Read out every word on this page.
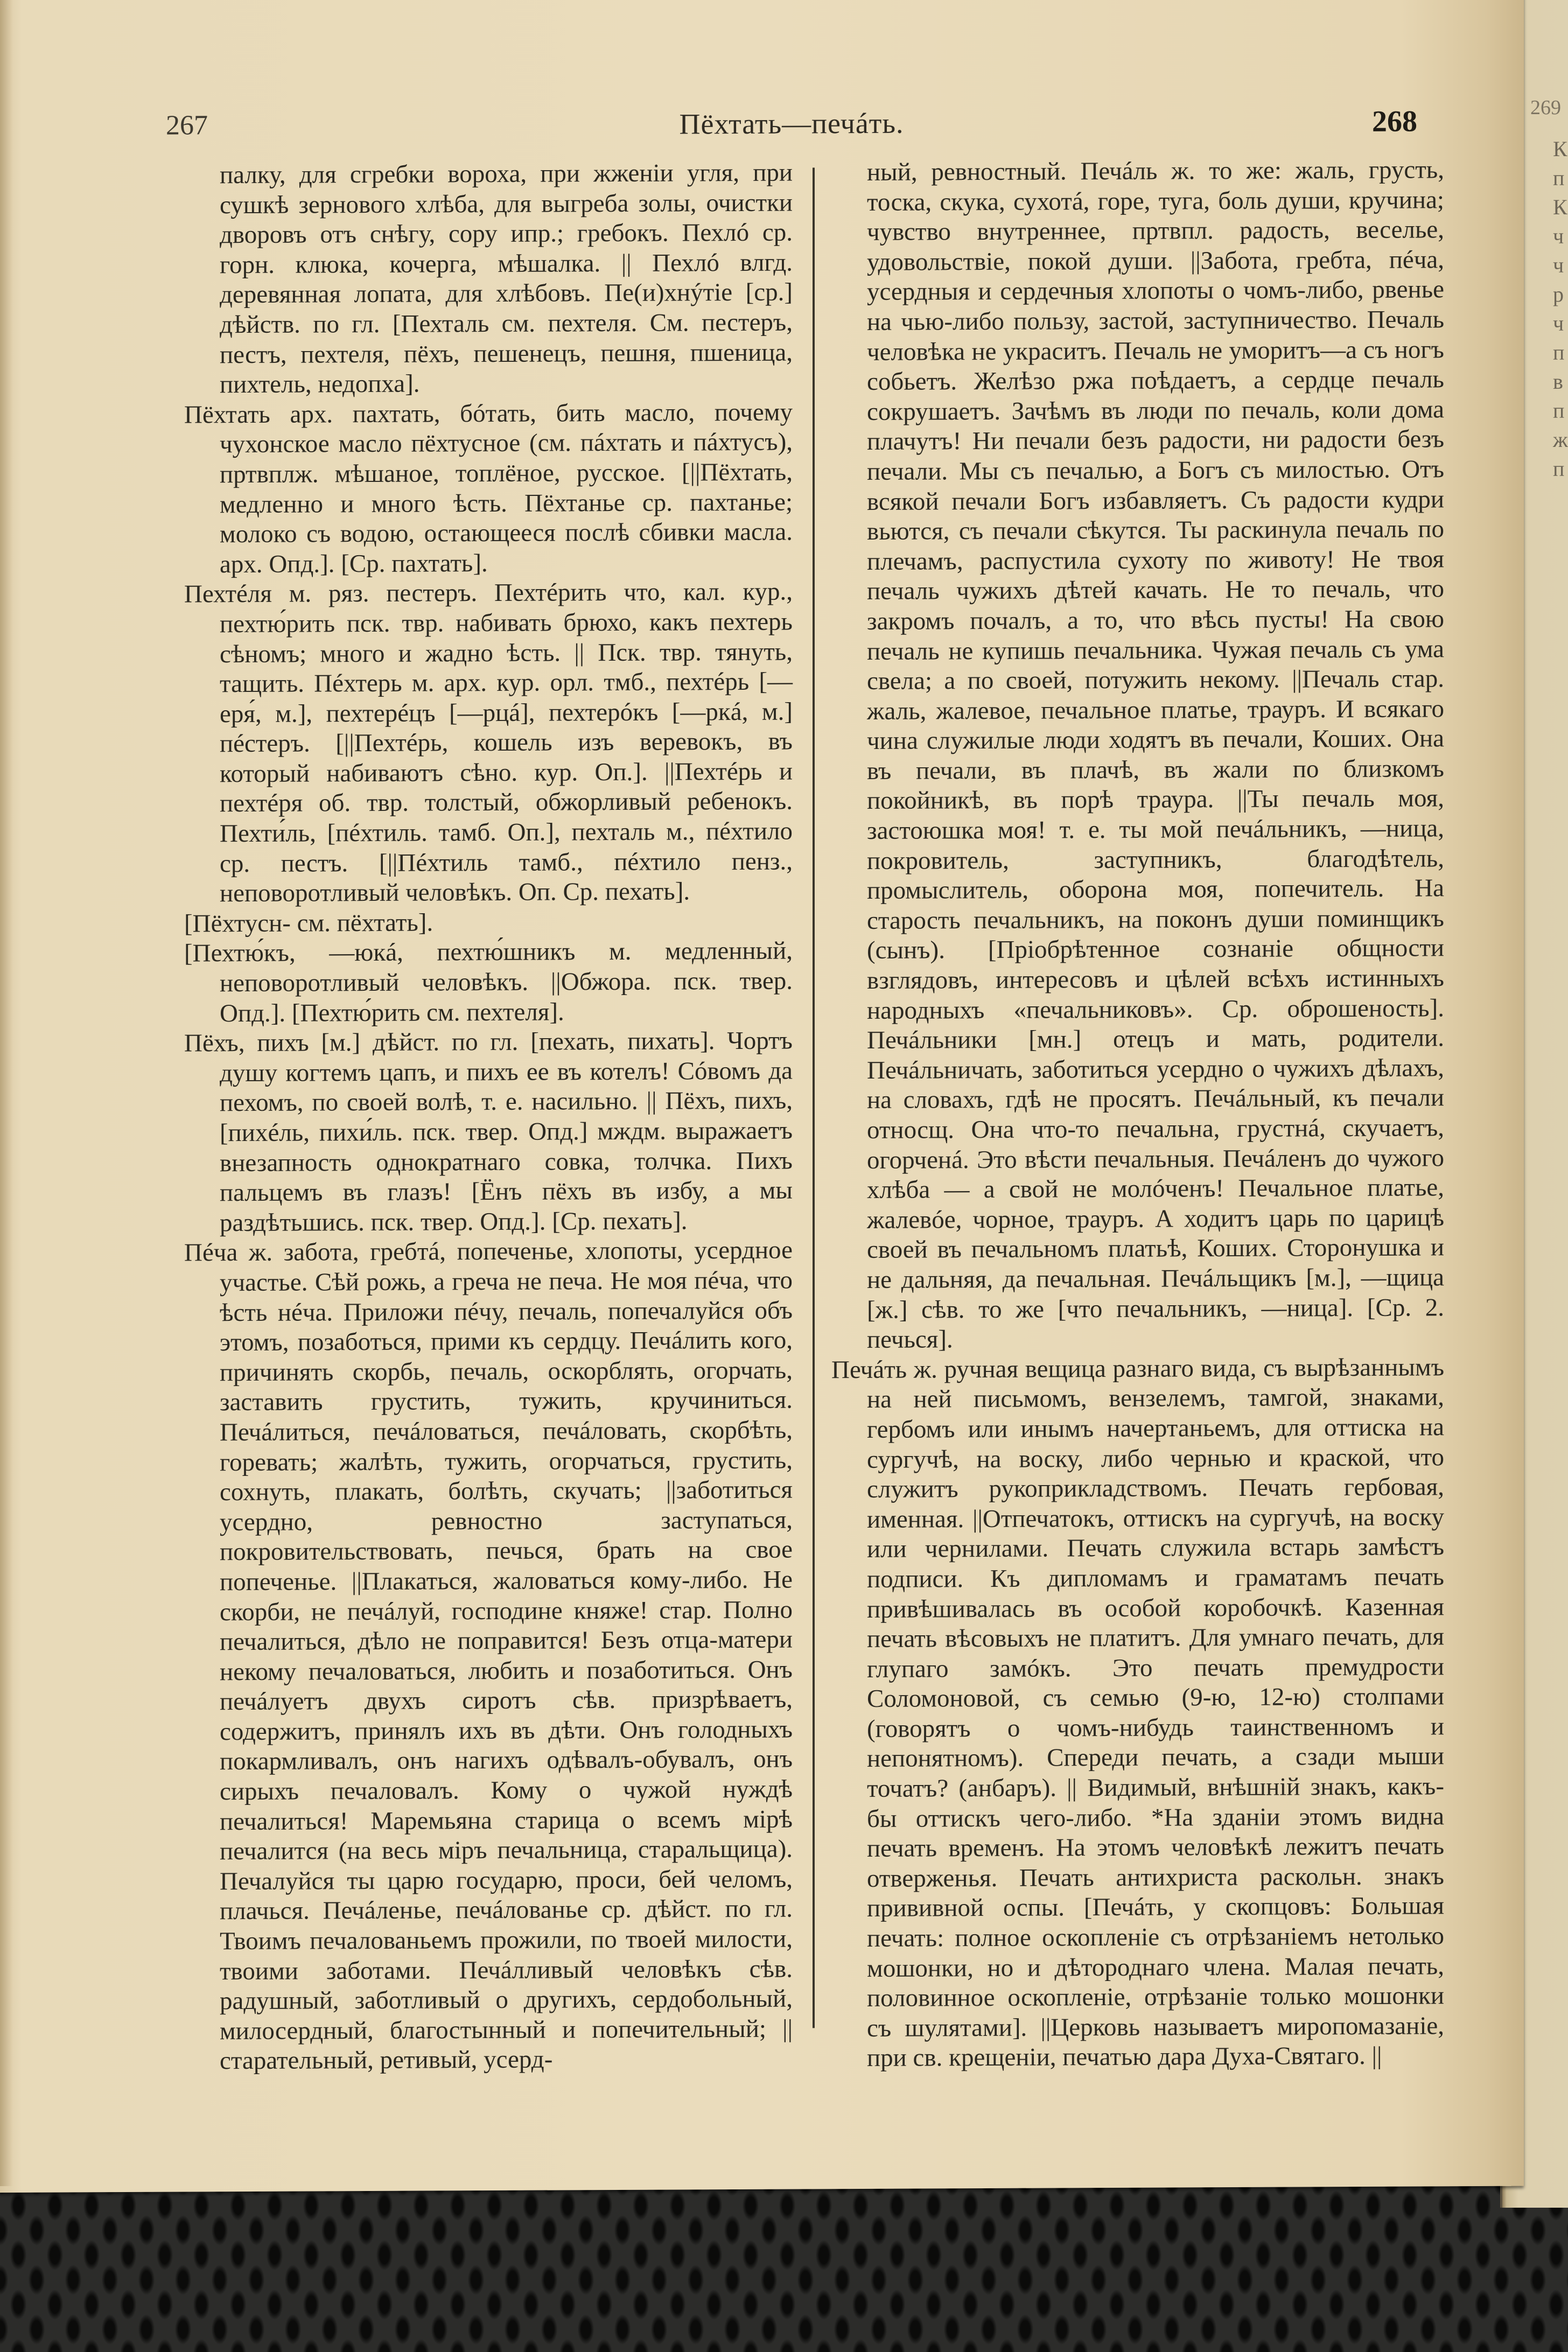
269
К
п
К
ч
ч
р
ч
п
в
п
ж
п
267	Пёхтать—печáть.	268

палку, для сгребки вороха, при жженіи угля, при сушкѣ зернового хлѣба, для выгреба золы, очистки дворовъ отъ снѣгу, сору ипр.; гребокъ. Пехлó ср. горн. клюка, кочерга, мѣшалка. || Пехлó влгд. деревянная лопата, для хлѣбовъ. Пе(и)хнýтіе [ср.] дѣйств. по гл. [Пехталь см. пехтеля. См. пестеръ, пестъ, пехтеля, пёхъ, пешенецъ, пешня, пшеница, пихтель, недопха].

Пёхтать арх. пахтать, бóтать, бить масло, почему чухонское масло пёхтусное (см. пáхтать и пáхтусъ), пртвплж. мѣшаное, топлёное, русское. [||Пёхтать, медленно и много ѣсть. Пёхтанье ср. пахтанье; молоко съ водою, остающееся послѣ сбивки масла. арх. Опд.]. [Ср. пахтать].

Пехтéля м. ряз. пестеръ. Пехтéрить что, кал. кур., пехтю́рить пск. твр. набивать брюхо, какъ пехтерь сѣномъ; много и жадно ѣсть. || Пск. твр. тянуть, тащить. Пéхтерь м. арх. кур. орл. тмб., пехтéрь [—еря́, м.], пехтерéцъ [—рцá], пехтерóкъ [—ркá, м.] пéстеръ. [||Пехтéрь, кошель изъ веревокъ, въ который набиваютъ сѣно. кур. Оп.]. ||Пехтéрь и пехтéря об. твр. толстый, обжорливый ребенокъ. Пехти́ль, [пéхтиль. тамб. Оп.], пехталь м., пéхтило ср. пестъ. [||Пéхтиль тамб., пéхтило пенз., неповоротливый человѣкъ. Оп. Ср. пехать].

[Пёхтусн- см. пёхтать].

[Пехтю́къ, —юкá, пехтю́шникъ м. медленный, неповоротливый человѣкъ. ||Обжора. пск. твер. Опд.]. [Пехтю́рить см. пехтеля].

Пёхъ, пихъ [м.] дѣйст. по гл. [пехать, пихать]. Чортъ душу когтемъ цапъ, и пихъ ее въ котелъ! Сóвомъ да пехомъ, по своей волѣ, т. е. насильно. || Пёхъ, пихъ, [пихéль, пихи́ль. пск. твер. Опд.] мждм. выражаетъ внезапность однократнаго совка, толчка. Пихъ пальцемъ въ глазъ! [Ёнъ пёхъ въ избу, а мы раздѣтьшись. пск. твер. Опд.]. [Ср. пехать].

Пéча ж. забота, гребтá, попеченье, хлопоты, усердное участье. Сѣй рожь, а греча не печа. Не моя пéча, что ѣсть нéча. Приложи пéчу, печаль, попечалуйся объ этомъ, позаботься, прими къ сердцу. Печáлить кого, причинять скорбь, печаль, оскорблять, огорчать, заставить грустить, тужить, кручиниться. Печáлиться, печáловаться, печáловать, скорбѣть, горевать; жалѣть, тужить, огорчаться, грустить, сохнуть, плакать, болѣть, скучать; ||заботиться усердно, ревностно заступаться, покровительствовать, печься, брать на свое попеченье. ||Плакаться, жаловаться кому-либо. Не скорби, не печáлуй, господине княже! стар. Полно печалиться, дѣло не поправится! Безъ отца-матери некому печаловаться, любить и позаботиться. Онъ печáлуетъ двухъ сиротъ сѣв. призрѣваетъ, содержитъ, принялъ ихъ въ дѣти. Онъ голодныхъ покармливалъ, онъ нагихъ одѣвалъ-обувалъ, онъ сирыхъ печаловалъ. Кому о чужой нуждѣ печалиться! Маремьяна старица о всемъ мірѣ печалится (на весь міръ печальница, старальщица). Печалуйся ты царю государю, проси, бей челомъ, плачься. Печáленье, печáлованье ср. дѣйст. по гл. Твоимъ печалованьемъ прожили, по твоей милости, твоими заботами. Печáлливый человѣкъ сѣв. радушный, заботливый о другихъ, сердобольный, милосердный, благостынный и попечительный; ||старательный, ретивый, усерд-

ный, ревностный. Печáль ж. то же: жаль, грусть, тоска, скука, сухотá, горе, туга, боль души, кручина; чувство внутреннее, пртвпл. радость, веселье, удовольствіе, покой души. ||Забота, гребта, пéча, усердныя и сердечныя хлопоты о чомъ-либо, рвенье на чью-либо пользу, застой, заступничество. Печаль человѣка не украситъ. Печаль не уморитъ—а съ ногъ собьетъ. Желѣзо ржа поѣдаетъ, а сердце печаль сокрушаетъ. Зачѣмъ въ люди по печаль, коли дома плачутъ! Ни печали безъ радости, ни радости безъ печали. Мы съ печалью, а Богъ съ милостью. Отъ всякой печали Богъ избавляетъ. Съ радости кудри вьются, съ печали сѣкутся. Ты раскинула печаль по плечамъ, распустила сухоту по животу! Не твоя печаль чужихъ дѣтей качать. Не то печаль, что закромъ почалъ, а то, что вѣсь пусты! На свою печаль не купишь печальника. Чужая печаль съ ума свела; а по своей, потужить некому. ||Печаль стар. жаль, жалевое, печальное платье, трауръ. И всякаго чина служилые люди ходятъ въ печали, Коших. Она въ печали, въ плачѣ, въ жали по близкомъ покойникѣ, въ порѣ траура. ||Ты печаль моя, застоюшка моя! т. е. ты мой печáльникъ, —ница, покровитель, заступникъ, благодѣтель, промыслитель, оборона моя, попечитель. На старость печальникъ, на поконъ души поминщикъ (сынъ). [Пріобрѣтенное сознаніе общности взглядовъ, интересовъ и цѣлей всѣхъ истинныхъ народныхъ «печальниковъ». Ср. оброшеность]. Печáльники [мн.] отецъ и мать, родители. Печáльничать, заботиться усердно о чужихъ дѣлахъ, на словахъ, гдѣ не просятъ. Печáльный, къ печали относщ. Она что-то печальна, грустнá, скучаетъ, огорченá. Это вѣсти печальныя. Печáленъ до чужого хлѣба — а свой не молóченъ! Печальное платье, жалевóе, чорное, трауръ. А ходитъ царь по царицѣ своей въ печальномъ платьѣ, Коших. Сторонушка и не дальняя, да печальная. Печáльщикъ [м.], —щица [ж.] сѣв. то же [что печальникъ, —ница]. [Ср. 2. печься].

Печáть ж. ручная вещица разнаго вида, съ вырѣзаннымъ на ней письмомъ, вензелемъ, тамгой, знаками, гербомъ или инымъ начертаньемъ, для оттиска на сургучѣ, на воску, либо чернью и краской, что служитъ рукоприкладствомъ. Печать гербовая, именная. ||Отпечатокъ, оттискъ на сургучѣ, на воску или чернилами. Печать служила встарь замѣстъ подписи. Къ дипломамъ и граматамъ печать привѣшивалась въ особой коробочкѣ. Казенная печать вѣсовыхъ не платитъ. Для умнаго печать, для глупаго замóкъ. Это печать премудрости Соломоновой, съ семью (9-ю, 12-ю) столпами (говорятъ о чомъ-нибудь таинственномъ и непонятномъ). Спереди печать, а сзади мыши точатъ? (анбаръ). || Видимый, внѣшній знакъ, какъ-бы оттискъ чего-либо. *На зданіи этомъ видна печать временъ. На этомъ человѣкѣ лежитъ печать отверженья. Печать антихриста раскольн. знакъ прививной оспы. [Печáть, у скопцовъ: Большая печать: полное оскопленіе съ отрѣзаніемъ нетолько мошонки, но и дѣтороднаго члена. Малая печать, половинное оскопленіе, отрѣзаніе только мошонки съ шулятами]. ||Церковь называетъ миропомазаніе, при св. крещеніи, печатью дара Духа-Святаго. ||
